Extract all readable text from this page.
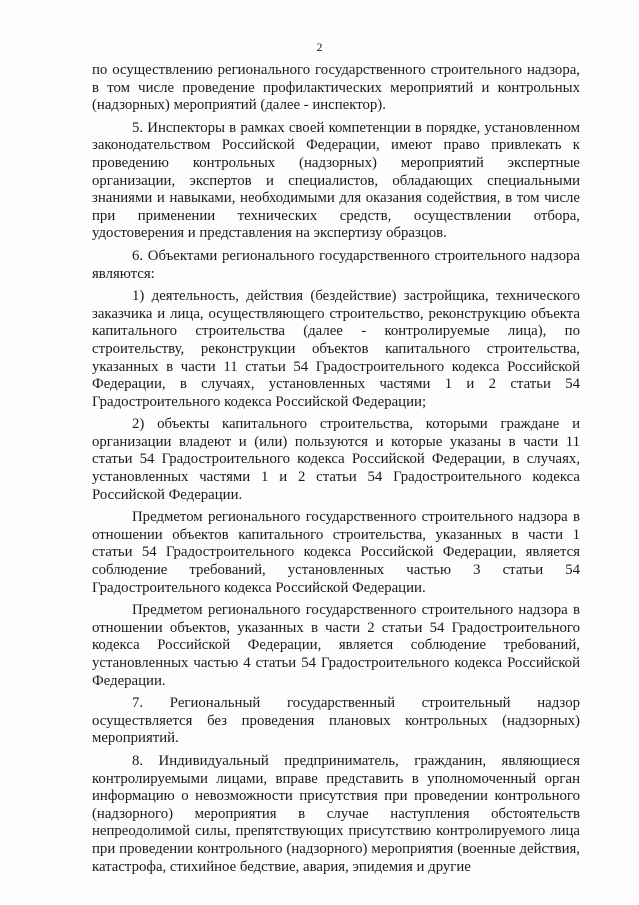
2

по осуществлению регионального государственного строительного надзора, в том числе проведение профилактических мероприятий и контрольных (надзорных) мероприятий (далее - инспектор).

5. Инспекторы в рамках своей компетенции в порядке, установленном законодательством Российской Федерации, имеют право привлекать к проведению контрольных (надзорных) мероприятий экспертные организации, экспертов и специалистов, обладающих специальными знаниями и навыками, необходимыми для оказания содействия, в том числе при применении технических средств, осуществлении отбора, удостоверения и представления на экспертизу образцов.

6. Объектами регионального государственного строительного надзора являются:

1) деятельность, действия (бездействие) застройщика, технического заказчика и лица, осуществляющего строительство, реконструкцию объекта капитального строительства (далее - контролируемые лица), по строительству, реконструкции объектов капитального строительства, указанных в части 11 статьи 54 Градостроительного кодекса Российской Федерации, в случаях, установленных частями 1 и 2 статьи 54 Градостроительного кодекса Российской Федерации;

2) объекты капитального строительства, которыми граждане и организации владеют и (или) пользуются и которые указаны в части 11 статьи 54 Градостроительного кодекса Российской Федерации, в случаях, установленных частями 1 и 2 статьи 54 Градостроительного кодекса Российской Федерации.

Предметом регионального государственного строительного надзора в отношении объектов капитального строительства, указанных в части 1 статьи 54 Градостроительного кодекса Российской Федерации, является соблюдение требований, установленных частью 3 статьи 54 Градостроительного кодекса Российской Федерации.

Предметом регионального государственного строительного надзора в отношении объектов, указанных в части 2 статьи 54 Градостроительного кодекса Российской Федерации, является соблюдение требований, установленных частью 4 статьи 54 Градостроительного кодекса Российской Федерации.

7. Региональный государственный строительный надзор осуществляется без проведения плановых контрольных (надзорных) мероприятий.

8. Индивидуальный предприниматель, гражданин, являющиеся контролируемыми лицами, вправе представить в уполномоченный орган информацию о невозможности присутствия при проведении контрольного (надзорного) мероприятия в случае наступления обстоятельств непреодолимой силы, препятствующих присутствию контролируемого лица при проведении контрольного (надзорного) мероприятия (военные действия, катастрофа, стихийное бедствие, авария, эпидемия и другие
